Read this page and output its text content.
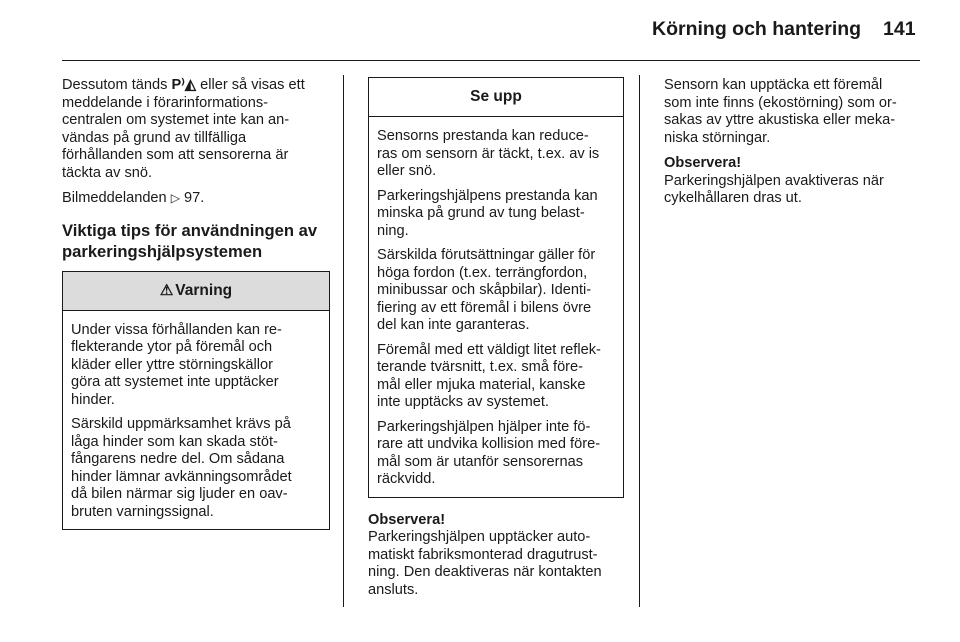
Körning och hantering 141

Dessutom tänds P⁾◭ eller så visas ett
meddelande i förarinformations-
centralen om systemet inte kan an-
vändas på grund av tillfälliga
förhållanden som att sensorerna är
täckta av snö.

Bilmeddelanden ▷ 97.

Viktiga tips för användningen av
parkeringshjälpsystemen
⚠ Varning

Under vissa förhållanden kan re-
flekterande ytor på föremål och
kläder eller yttre störningskällor
göra att systemet inte upptäcker
hinder.

Särskild uppmärksamhet krävs på
låga hinder som kan skada stöt-
fångarens nedre del. Om sådana
hinder lämnar avkänningsområdet
då bilen närmar sig ljuder en oav-
bruten varningssignal.

Se upp

Sensorns prestanda kan reduce-
ras om sensorn är täckt, t.ex. av is
eller snö.

Parkeringshjälpens prestanda kan
minska på grund av tung belast-
ning.

Särskilda förutsättningar gäller för
höga fordon (t.ex. terrängfordon,
minibussar och skåpbilar). Identi-
fiering av ett föremål i bilens övre
del kan inte garanteras.

Föremål med ett väldigt litet reflek-
terande tvärsnitt, t.ex. små före-
mål eller mjuka material, kanske
inte upptäcks av systemet.

Parkeringshjälpen hjälper inte fö-
rare att undvika kollision med före-
mål som är utanför sensorernas
räckvidd.

Observera!
Parkeringshjälpen upptäcker auto-
matiskt fabriksmonterad dragutrust-
ning. Den deaktiveras när kontakten
ansluts.

Sensorn kan upptäcka ett föremål
som inte finns (ekostörning) som or-
sakas av yttre akustiska eller meka-
niska störningar.

Observera!
Parkeringshjälpen avaktiveras när
cykelhållaren dras ut.
